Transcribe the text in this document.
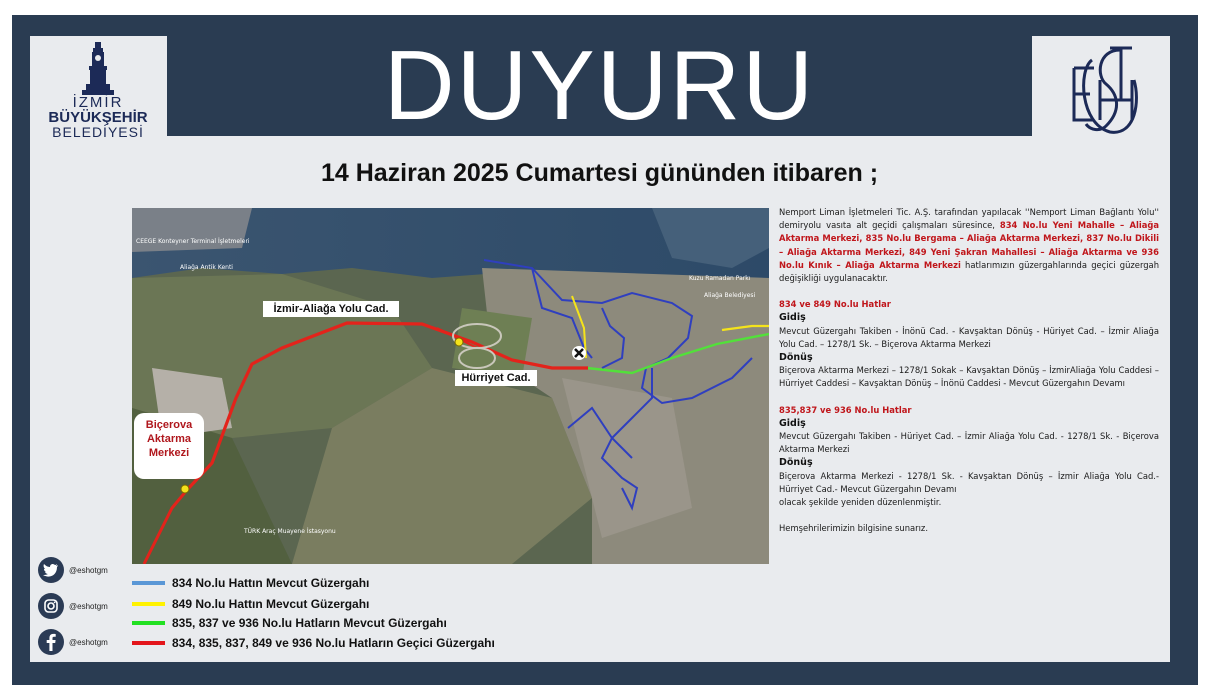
İZMİR
BÜYÜKŞEHİR
BELEDİYESİ	DUYURU
14 Haziran 2025 Cumartesi gününden itibaren ;
CEEGE Konteyner Terminal İşletmeleri
Aliağa Antik Kenti
Kuzu Ramadan Parkı
Aliağa Belediyesi
TÜRK Araç Muayene İstasyonu
İzmir-Aliağa Yolu Cad.
Hürriyet Cad.
Biçerova
Aktarma
Merkezi
834 No.lu Hattın Mevcut Güzergahı
849 No.lu Hattın Mevcut Güzergahı
835, 837 ve 936 No.lu Hatların Mevcut Güzergahı
834, 835, 837, 849 ve 936 No.lu Hatların Geçici Güzergahı
@eshotgm
@eshotgm
@eshotgm

Nemport Liman İşletmeleri Tic. A.Ş. tarafından yapılacak ''Nemport Liman Bağlantı Yolu'' demiryolu vasıta alt geçidi çalışmaları süresince, 834 No.lu Yeni Mahalle – Aliağa Aktarma Merkezi, 835 No.lu Bergama – Aliağa Aktarma Merkezi, 837 No.lu Dikili – Aliağa Aktarma Merkezi, 849 Yeni Şakran Mahallesi – Aliağa Aktarma ve 936 No.lu Kınık – Aliağa Aktarma Merkezi hatlarımızın güzergahlarında geçici güzergah değişikliği uygulanacaktır.

834 ve 849 No.lu Hatlar
Gidiş

Mevcut Güzergahı Takiben - İnönü Cad. - Kavşaktan Dönüş - Hüriyet Cad. – İzmir Aliağa Yolu Cad. – 1278/1 Sk. – Biçerova Aktarma Merkezi

Dönüş

Biçerova Aktarma Merkezi – 1278/1 Sokak – Kavşaktan Dönüş – İzmirAliağa Yolu Caddesi – Hürriyet Caddesi – Kavşaktan Dönüş – İnönü Caddesi - Mevcut Güzergahın Devamı

835,837 ve 936 No.lu Hatlar
Gidiş

Mevcut Güzergahı Takiben - Hüriyet Cad. – İzmir Aliağa Yolu Cad. - 1278/1 Sk. - Biçerova Aktarma Merkezi

Dönüş

Biçerova Aktarma Merkezi - 1278/1 Sk. - Kavşaktan Dönüş – İzmir Aliağa Yolu Cad.- Hürriyet Cad.- Mevcut Güzergahın Devamı

olacak şekilde yeniden düzenlenmiştir.

Hemşehrilerimizin bilgisine sunarız.
